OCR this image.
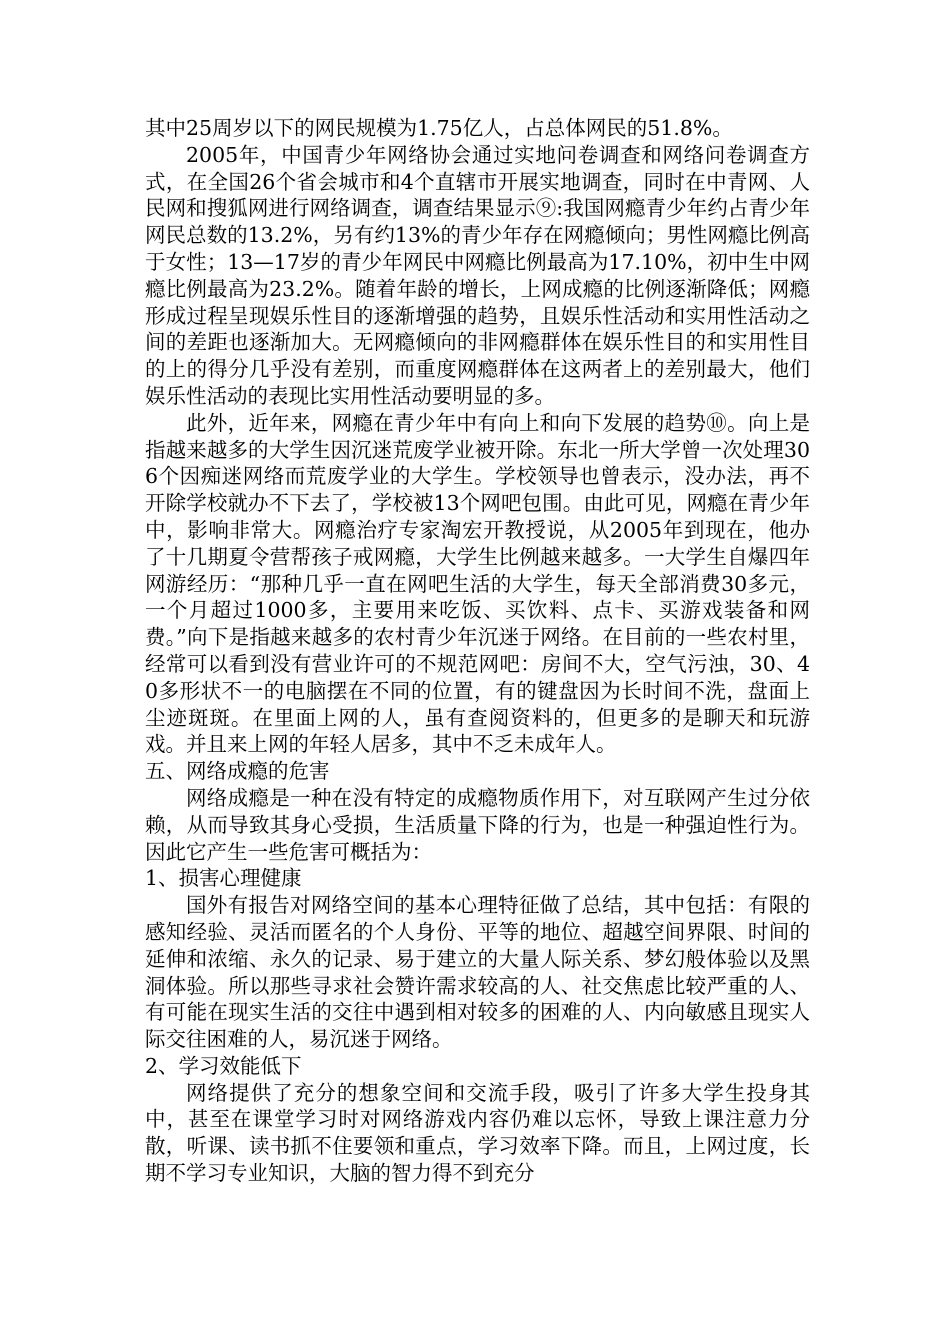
其中25周岁以下的网民规模为1.75亿人，占总体网民的51.8%。

2005年，中国青少年网络协会通过实地问卷调查和网络问卷调查方式，在全国26个省会城市和4个直辖市开展实地调查，同时在中青网、人民网和搜狐网进行网络调查，调查结果显示⑨:我国网瘾青少年约占青少年网民总数的13.2%，另有约13%的青少年存在网瘾倾向；男性网瘾比例高于女性；13—17岁的青少年网民中网瘾比例最高为17.10%，初中生中网瘾比例最高为23.2%。随着年龄的增长，上网成瘾的比例逐渐降低；网瘾形成过程呈现娱乐性目的逐渐增强的趋势，且娱乐性活动和实用性活动之间的差距也逐渐加大。无网瘾倾向的非网瘾群体在娱乐性目的和实用性目的上的得分几乎没有差别，而重度网瘾群体在这两者上的差别最大，他们娱乐性活动的表现比实用性活动要明显的多。

此外，近年来，网瘾在青少年中有向上和向下发展的趋势⑩。向上是指越来越多的大学生因沉迷荒废学业被开除。东北一所大学曾一次处理306个因痴迷网络而荒废学业的大学生。学校领导也曾表示，没办法，再不开除学校就办不下去了，学校被13个网吧包围。由此可见，网瘾在青少年中，影响非常大。网瘾治疗专家淘宏开教授说，从2005年到现在，他办了十几期夏令营帮孩子戒网瘾，大学生比例越来越多。一大学生自爆四年网游经历：“那种几乎一直在网吧生活的大学生，每天全部消费30多元，一个月超过1000多，主要用来吃饭、买饮料、点卡、买游戏装备和网费。”向下是指越来越多的农村青少年沉迷于网络。在目前的一些农村里，经常可以看到没有营业许可的不规范网吧：房间不大，空气污浊，30、40多形状不一的电脑摆在不同的位置，有的键盘因为长时间不洗，盘面上尘迹斑斑。在里面上网的人，虽有查阅资料的，但更多的是聊天和玩游戏。并且来上网的年轻人居多，其中不乏未成年人。

五、网络成瘾的危害

网络成瘾是一种在没有特定的成瘾物质作用下，对互联网产生过分依赖，从而导致其身心受损，生活质量下降的行为，也是一种强迫性行为。因此它产生一些危害可概括为：

1、损害心理健康

国外有报告对网络空间的基本心理特征做了总结，其中包括：有限的感知经验、灵活而匿名的个人身份、平等的地位、超越空间界限、时间的延伸和浓缩、永久的记录、易于建立的大量人际关系、梦幻般体验以及黑洞体验。所以那些寻求社会赞许需求较高的人、社交焦虑比较严重的人、有可能在现实生活的交往中遇到相对较多的困难的人、内向敏感且现实人际交往困难的人，易沉迷于网络。

2、学习效能低下

网络提供了充分的想象空间和交流手段，吸引了许多大学生投身其中，甚至在课堂学习时对网络游戏内容仍难以忘怀，导致上课注意力分散，听课、读书抓不住要领和重点，学习效率下降。而且，上网过度，长期不学习专业知识，大脑的智力得不到充分
